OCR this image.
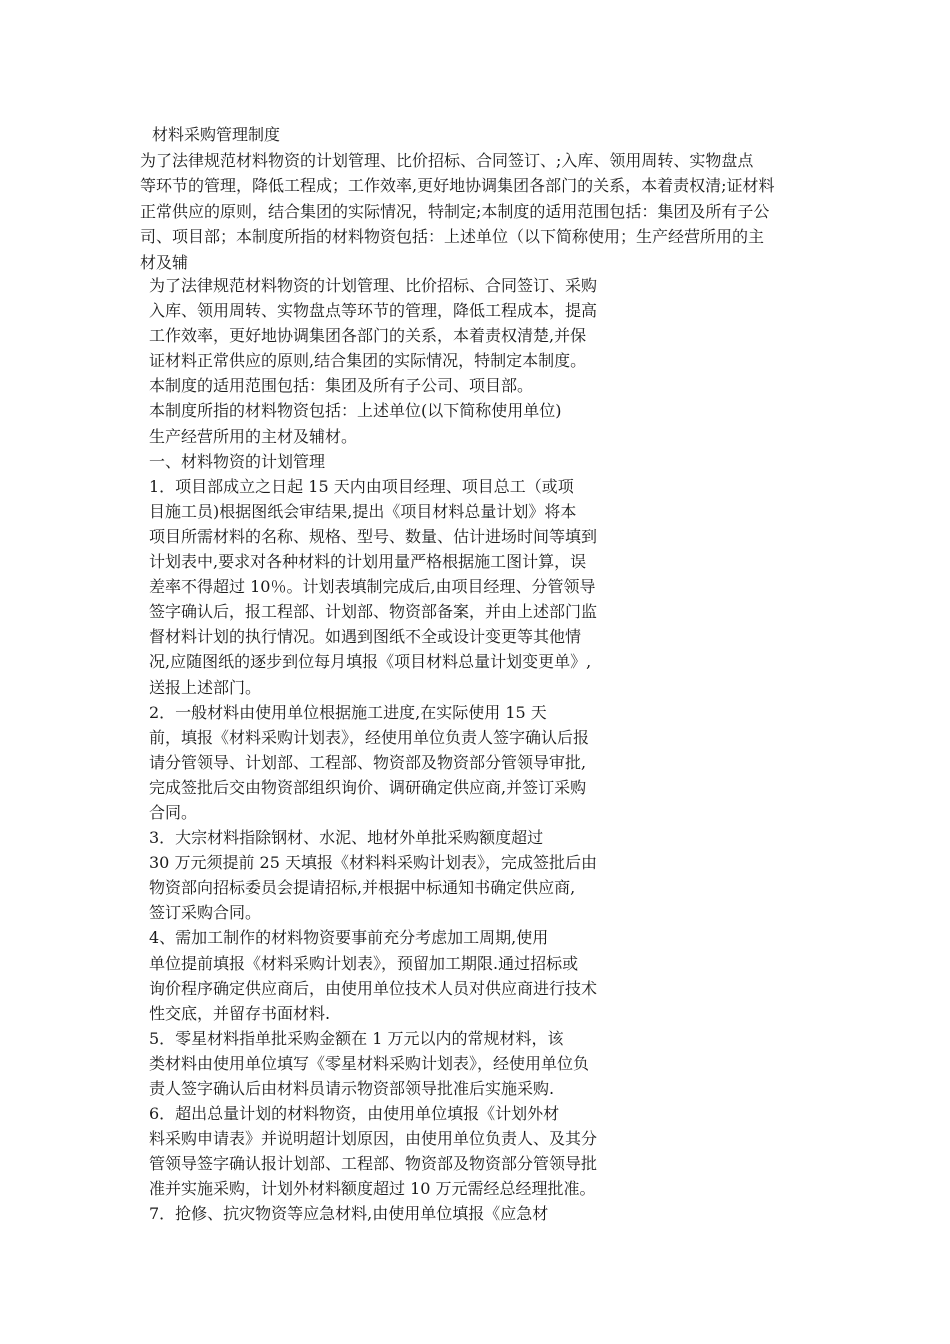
材料采购管理制度
为了法律规范材料物资的计划管理、比价招标、合同签订、;入库、领用周转、实物盘点
等环节的管理，降低工程成；工作效率,更好地协调集团各部门的关系，本着责权清;证材料
正常供应的原则，结合集团的实际情况，特制定;本制度的适用范围包括：集团及所有子公
司、项目部；本制度所指的材料物资包括：上述单位（以下简称使用；生产经营所用的主
材及辅
为了法律规范材料物资的计划管理、比价招标、合同签订、采购
入库、领用周转、实物盘点等环节的管理，降低工程成本，提高
工作效率，更好地协调集团各部门的关系，本着责权清楚,并保
证材料正常供应的原则,结合集团的实际情况，特制定本制度。
本制度的适用范围包括：集团及所有子公司、项目部。
本制度所指的材料物资包括：上述单位(以下简称使用单位)
生产经营所用的主材及辅材。
一、材料物资的计划管理
1．项目部成立之日起 15 天内由项目经理、项目总工（或项
目施工员)根据图纸会审结果,提出《项目材料总量计划》将本
项目所需材料的名称、规格、型号、数量、估计进场时间等填到
计划表中,要求对各种材料的计划用量严格根据施工图计算，误
差率不得超过 10％。计划表填制完成后,由项目经理、分管领导
签字确认后，报工程部、计划部、物资部备案，并由上述部门监
督材料计划的执行情况。如遇到图纸不全或设计变更等其他情
况,应随图纸的逐步到位每月填报《项目材料总量计划变更单》,
送报上述部门。
2．一般材料由使用单位根据施工进度,在实际使用 15 天
前，填报《材料采购计划表》，经使用单位负责人签字确认后报
请分管领导、计划部、工程部、物资部及物资部分管领导审批,
完成签批后交由物资部组织询价、调研确定供应商,并签订采购
合同。
3．大宗材料指除钢材、水泥、地材外单批采购额度超过
30 万元须提前 25 天填报《材料料采购计划表》，完成签批后由
物资部向招标委员会提请招标,并根据中标通知书确定供应商,
签订采购合同。
4、需加工制作的材料物资要事前充分考虑加工周期,使用
单位提前填报《材料采购计划表》，预留加工期限.通过招标或
询价程序确定供应商后，由使用单位技术人员对供应商进行技术
性交底，并留存书面材料.
5．零星材料指单批采购金额在 1 万元以内的常规材料，该
类材料由使用单位填写《零星材料采购计划表》，经使用单位负
责人签字确认后由材料员请示物资部领导批准后实施采购.
6．超出总量计划的材料物资，由使用单位填报《计划外材
料采购申请表》并说明超计划原因，由使用单位负责人、及其分
管领导签字确认报计划部、工程部、物资部及物资部分管领导批
准并实施采购，计划外材料额度超过 10 万元需经总经理批准。
7．抢修、抗灾物资等应急材料,由使用单位填报《应急材
